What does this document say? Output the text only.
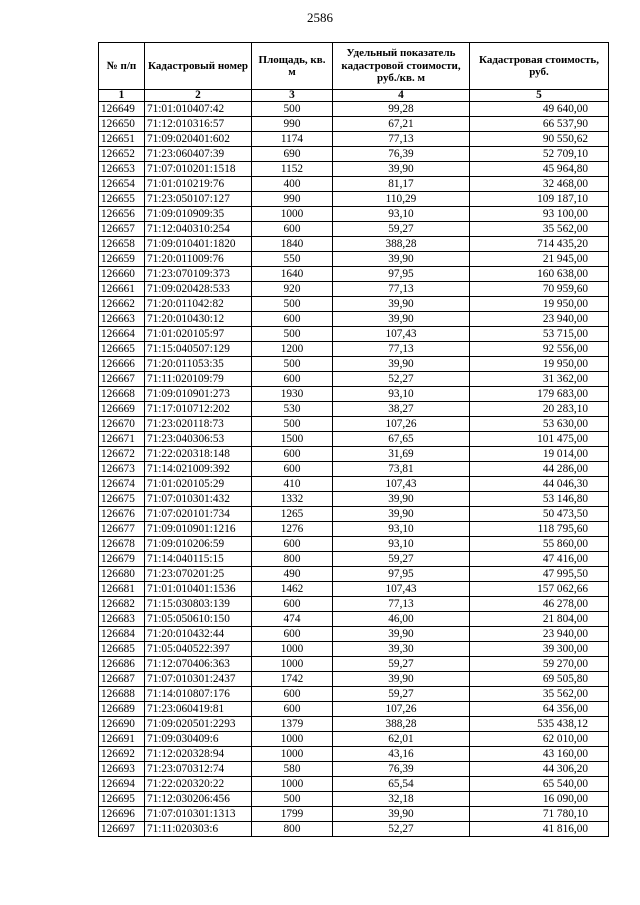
2586
№ п/п	Кадастровый номер	Площадь, кв. м	Удельный показатель кадастровой стоимости, руб./кв. м	Кадастровая стоимость, руб.
1	2	3	4	5
126649	71:01:010407:42	500	99,28	49 640,00
126650	71:12:010316:57	990	67,21	66 537,90
126651	71:09:020401:602	1174	77,13	90 550,62
126652	71:23:060407:39	690	76,39	52 709,10
126653	71:07:010201:1518	1152	39,90	45 964,80
126654	71:01:010219:76	400	81,17	32 468,00
126655	71:23:050107:127	990	110,29	109 187,10
126656	71:09:010909:35	1000	93,10	93 100,00
126657	71:12:040310:254	600	59,27	35 562,00
126658	71:09:010401:1820	1840	388,28	714 435,20
126659	71:20:011009:76	550	39,90	21 945,00
126660	71:23:070109:373	1640	97,95	160 638,00
126661	71:09:020428:533	920	77,13	70 959,60
126662	71:20:011042:82	500	39,90	19 950,00
126663	71:20:010430:12	600	39,90	23 940,00
126664	71:01:020105:97	500	107,43	53 715,00
126665	71:15:040507:129	1200	77,13	92 556,00
126666	71:20:011053:35	500	39,90	19 950,00
126667	71:11:020109:79	600	52,27	31 362,00
126668	71:09:010901:273	1930	93,10	179 683,00
126669	71:17:010712:202	530	38,27	20 283,10
126670	71:23:020118:73	500	107,26	53 630,00
126671	71:23:040306:53	1500	67,65	101 475,00
126672	71:22:020318:148	600	31,69	19 014,00
126673	71:14:021009:392	600	73,81	44 286,00
126674	71:01:020105:29	410	107,43	44 046,30
126675	71:07:010301:432	1332	39,90	53 146,80
126676	71:07:020101:734	1265	39,90	50 473,50
126677	71:09:010901:1216	1276	93,10	118 795,60
126678	71:09:010206:59	600	93,10	55 860,00
126679	71:14:040115:15	800	59,27	47 416,00
126680	71:23:070201:25	490	97,95	47 995,50
126681	71:01:010401:1536	1462	107,43	157 062,66
126682	71:15:030803:139	600	77,13	46 278,00
126683	71:05:050610:150	474	46,00	21 804,00
126684	71:20:010432:44	600	39,90	23 940,00
126685	71:05:040522:397	1000	39,30	39 300,00
126686	71:12:070406:363	1000	59,27	59 270,00
126687	71:07:010301:2437	1742	39,90	69 505,80
126688	71:14:010807:176	600	59,27	35 562,00
126689	71:23:060419:81	600	107,26	64 356,00
126690	71:09:020501:2293	1379	388,28	535 438,12
126691	71:09:030409:6	1000	62,01	62 010,00
126692	71:12:020328:94	1000	43,16	43 160,00
126693	71:23:070312:74	580	76,39	44 306,20
126694	71:22:020320:22	1000	65,54	65 540,00
126695	71:12:030206:456	500	32,18	16 090,00
126696	71:07:010301:1313	1799	39,90	71 780,10
126697	71:11:020303:6	800	52,27	41 816,00
